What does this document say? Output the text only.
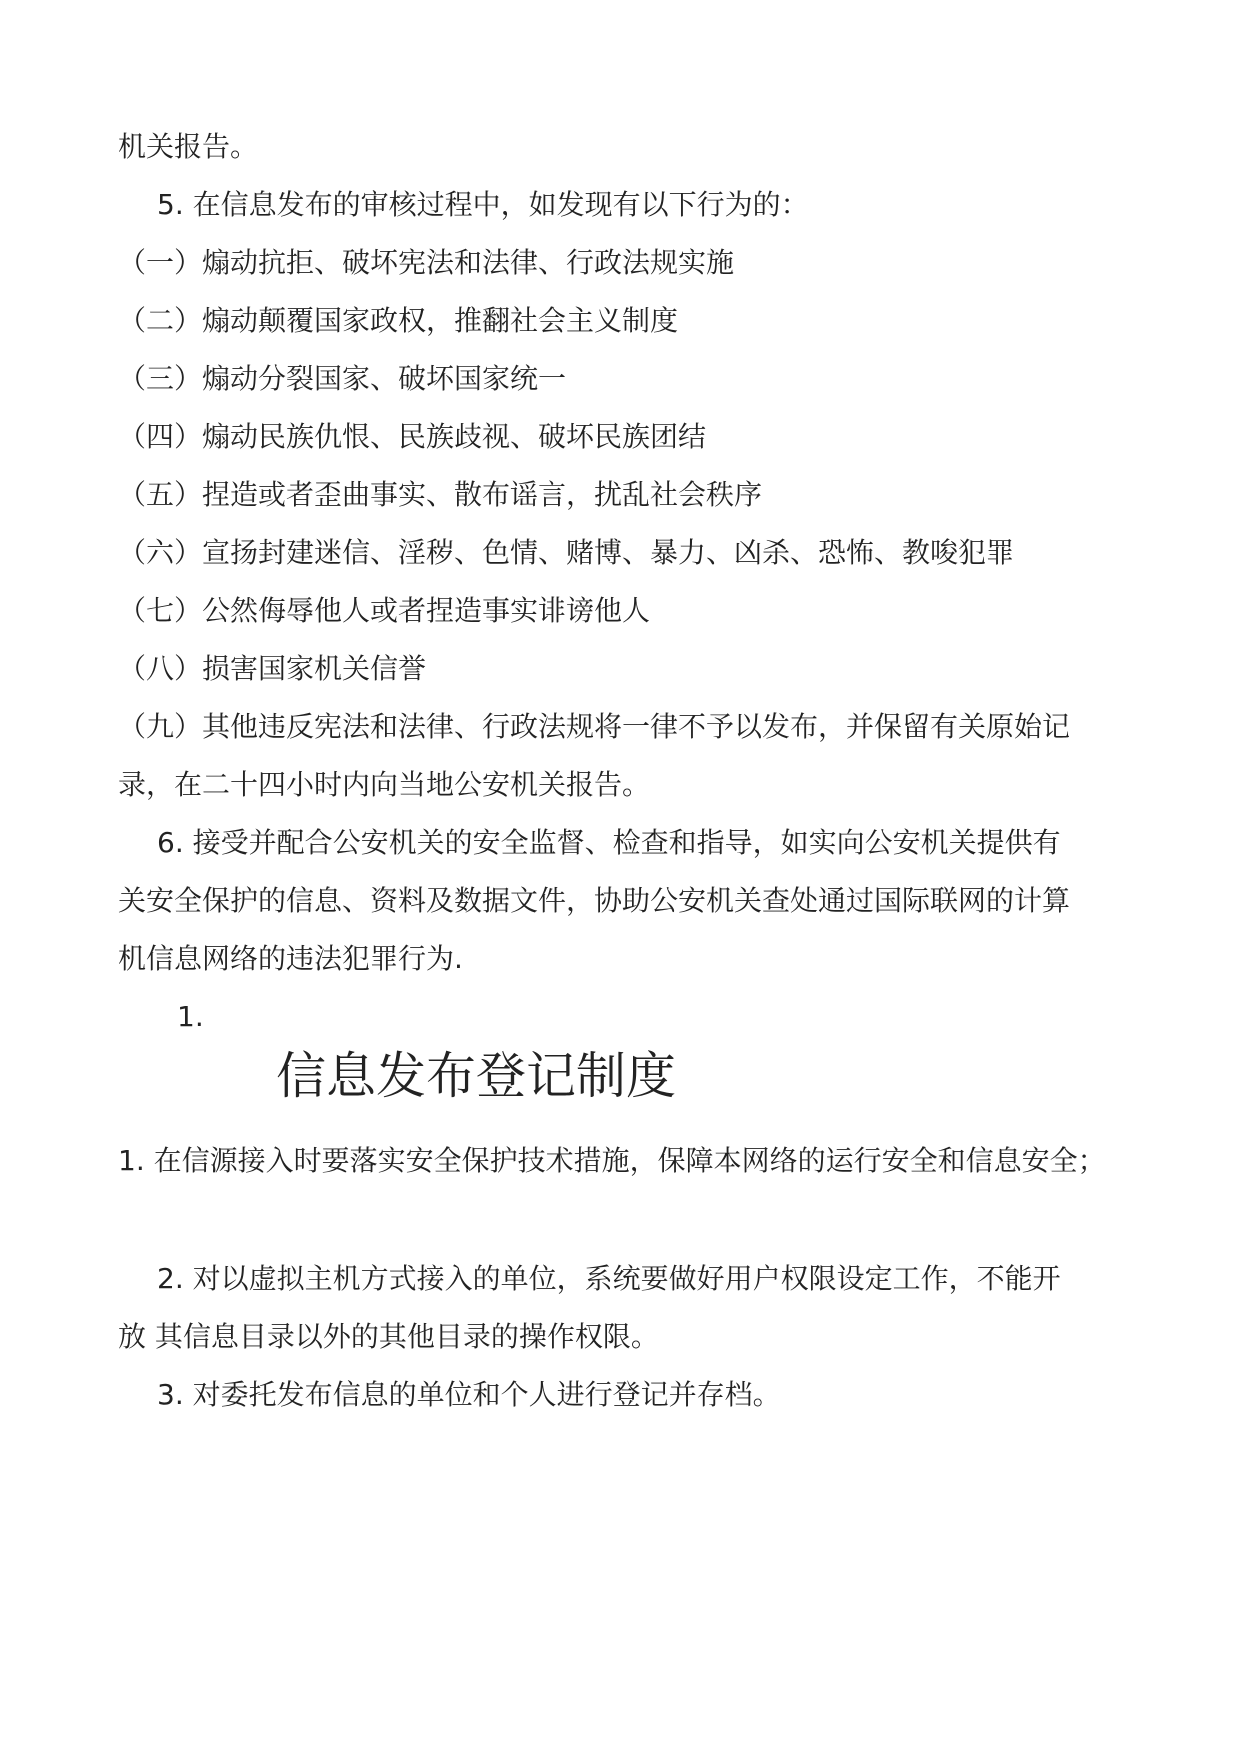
机关报告。
5. 在信息发布的审核过程中，如发现有以下行为的：
（一）煽动抗拒、破坏宪法和法律、行政法规实施
（二）煽动颠覆国家政权，推翻社会主义制度
（三）煽动分裂国家、破坏国家统一
（四）煽动民族仇恨、民族歧视、破坏民族团结
（五）捏造或者歪曲事实、散布谣言，扰乱社会秩序
（六）宣扬封建迷信、淫秽、色情、赌博、暴力、凶杀、恐怖、教唆犯罪
（七）公然侮辱他人或者捏造事实诽谤他人
（八）损害国家机关信誉
（九）其他违反宪法和法律、行政法规将一律不予以发布，并保留有关原始记
录，在二十四小时内向当地公安机关报告。
6. 接受并配合公安机关的安全监督、检查和指导，如实向公安机关提供有
关安全保护的信息、资料及数据文件，协助公安机关查处通过国际联网的计算
机信息网络的违法犯罪行为.
1.
信息发布登记制度
1. 在信源接入时要落实安全保护技术措施，保障本网络的运行安全和信息安全；
2. 对以虚拟主机方式接入的单位，系统要做好用户权限设定工作，不能开
放 其信息目录以外的其他目录的操作权限。
3. 对委托发布信息的单位和个人进行登记并存档。
